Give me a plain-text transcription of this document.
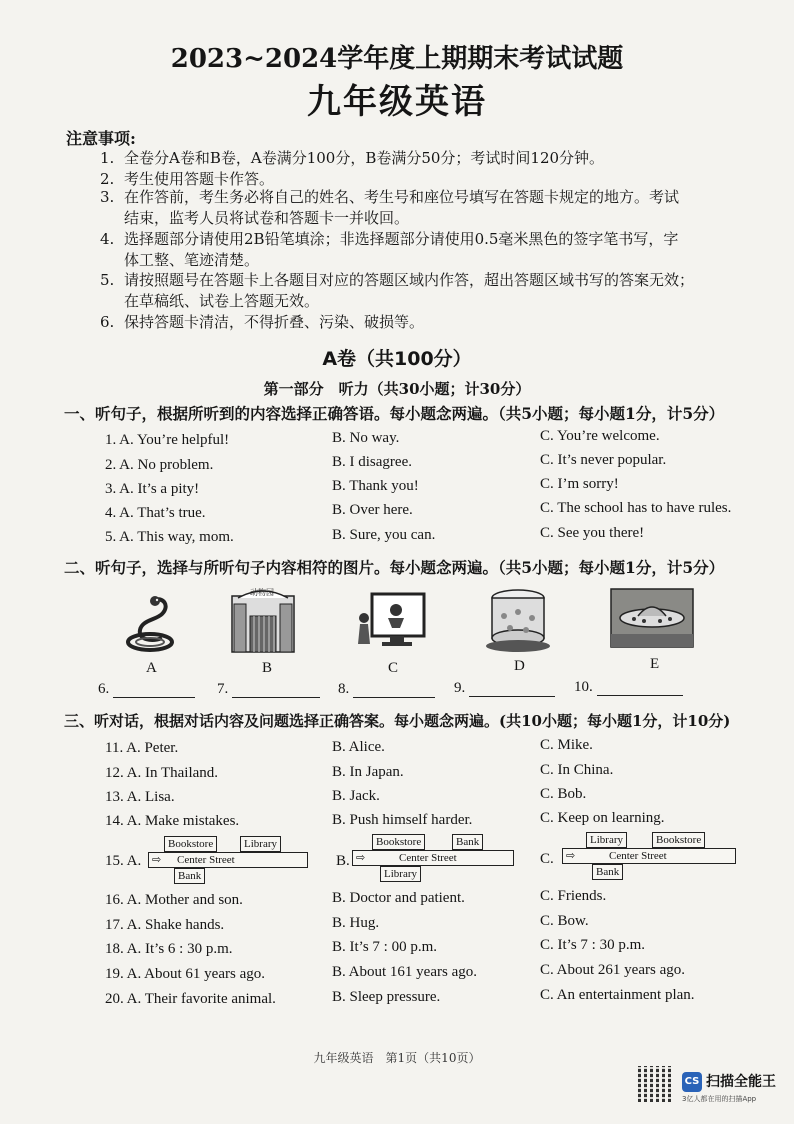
2023~2024学年度上期期末考试试题
九年级英语
注意事项:
1. 全卷分A卷和B卷，A卷满分100分，B卷满分50分；考试时间120分钟。
2. 考生使用答题卡作答。
3. 在作答前，考生务必将自己的姓名、考生号和座位号填写在答题卡规定的地方。考试
结束，监考人员将试卷和答题卡一并收回。
4. 选择题部分请使用2B铅笔填涂；非选择题部分请使用0.5毫米黑色的签字笔书写，字
体工整、笔迹清楚。
5. 请按照题号在答题卡上各题目对应的答题区域内作答，超出答题区域书写的答案无效；
在草稿纸、试卷上答题无效。
6. 保持答题卡清洁，不得折叠、污染、破损等。
A卷（共100分）
第一部分　听力（共30小题；计30分）
一、听句子，根据所听到的内容选择正确答语。每小题念两遍。（共5小题；每小题1分，计5分）
1. A. You’re helpful!	B. No way.	C. You’re welcome.
2. A. No problem.	B. I disagree.	C. It’s never popular.
3. A. It’s a pity!	B. Thank you!	C. I’m sorry!
4. A. That’s true.	B. Over here.	C. The school has to have rules.
5. A. This way, mom.	B. Sure, you can.	C. See you there!
二、听句子，选择与所听句子内容相符的图片。每小题念两遍。（共5小题；每小题1分，计5分）
动物园
A	B	C	D	E
6.	7.	8.	9.	10.
三、听对话，根据对话内容及问题选择正确答案。每小题念两遍。(共10小题；每小题1分，计10分)
11. A. Peter.	B. Alice.	C. Mike.
12. A. In Thailand.	B. In Japan.	C. In China.
13. A. Lisa.	B. Jack.	C. Bob.
14. A. Make mistakes.	B. Push himself harder.	C. Keep on learning.
15. A.
Bookstore	Library
⇨ Center Street
Bank
B.
Bookstore	Bank
⇨	Center Street
Library
C.
Library	Bookstore
⇨	Center Street
Bank
16. A. Mother and son.	B. Doctor and patient.	C. Friends.
17. A. Shake hands.	B. Hug.	C. Bow.
18. A. It’s 6 : 30 p.m.	B. It’s 7 : 00 p.m.	C. It’s 7 : 30 p.m.
19. A. About 61 years ago.	B. About 161 years ago.	C. About 261 years ago.
20. A. Their favorite animal.	B. Sleep pressure.	C. An entertainment plan.
九年级英语　第1页（共10页）
CS 扫描全能王
3亿人都在用的扫描App
